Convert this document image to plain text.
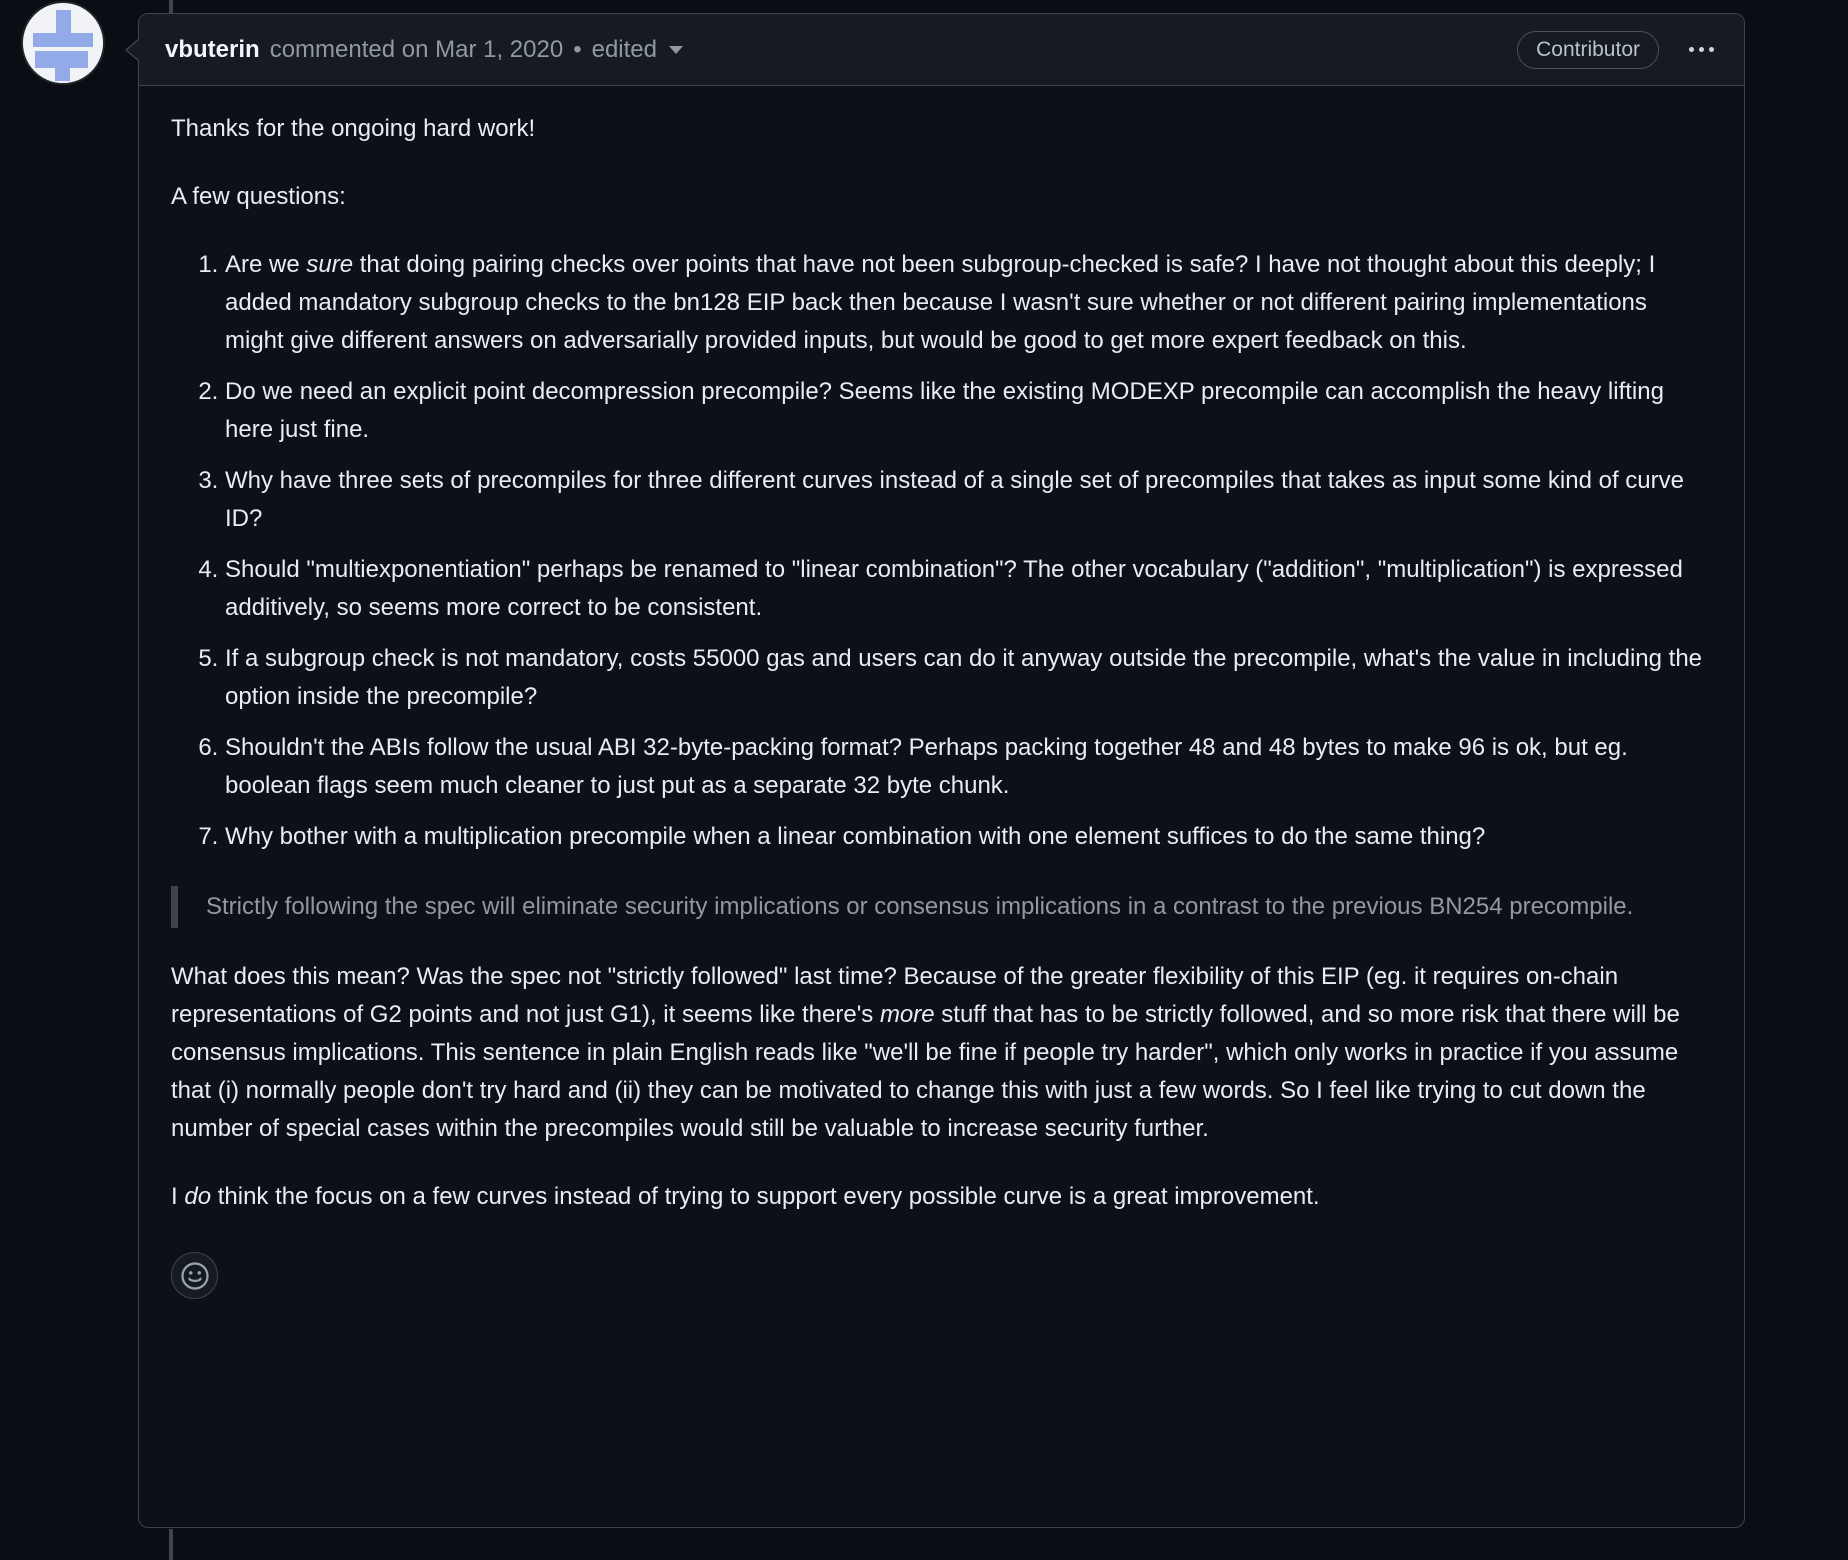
vbuterin commented on Mar 1, 2020 • edited	Contributor

Thanks for the ongoing hard work!

A few questions:

1. Are we sure that doing pairing checks over points that have not been subgroup-checked is safe? I have not thought about this deeply; I added mandatory subgroup checks to the bn128 EIP back then because I wasn't sure whether or not different pairing implementations might give different answers on adversarially provided inputs, but would be good to get more expert feedback on this.
2. Do we need an explicit point decompression precompile? Seems like the existing MODEXP precompile can accomplish the heavy lifting here just fine.
3. Why have three sets of precompiles for three different curves instead of a single set of precompiles that takes as input some kind of curve ID?
4. Should "multiexponentiation" perhaps be renamed to "linear combination"? The other vocabulary ("addition", "multiplication") is expressed additively, so seems more correct to be consistent.
5. If a subgroup check is not mandatory, costs 55000 gas and users can do it anyway outside the precompile, what's the value in including the option inside the precompile?
6. Shouldn't the ABIs follow the usual ABI 32-byte-packing format? Perhaps packing together 48 and 48 bytes to make 96 is ok, but eg. boolean flags seem much cleaner to just put as a separate 32 byte chunk.
7. Why bother with a multiplication precompile when a linear combination with one element suffices to do the same thing?
Strictly following the spec will eliminate security implications or consensus implications in a contrast to the previous BN254 precompile.

What does this mean? Was the spec not "strictly followed" last time? Because of the greater flexibility of this EIP (eg. it requires on-chain representations of G2 points and not just G1), it seems like there's more stuff that has to be strictly followed, and so more risk that there will be consensus implications. This sentence in plain English reads like "we'll be fine if people try harder", which only works in practice if you assume that (i) normally people don't try hard and (ii) they can be motivated to change this with just a few words. So I feel like trying to cut down the number of special cases within the precompiles would still be valuable to increase security further.

I do think the focus on a few curves instead of trying to support every possible curve is a great improvement.
